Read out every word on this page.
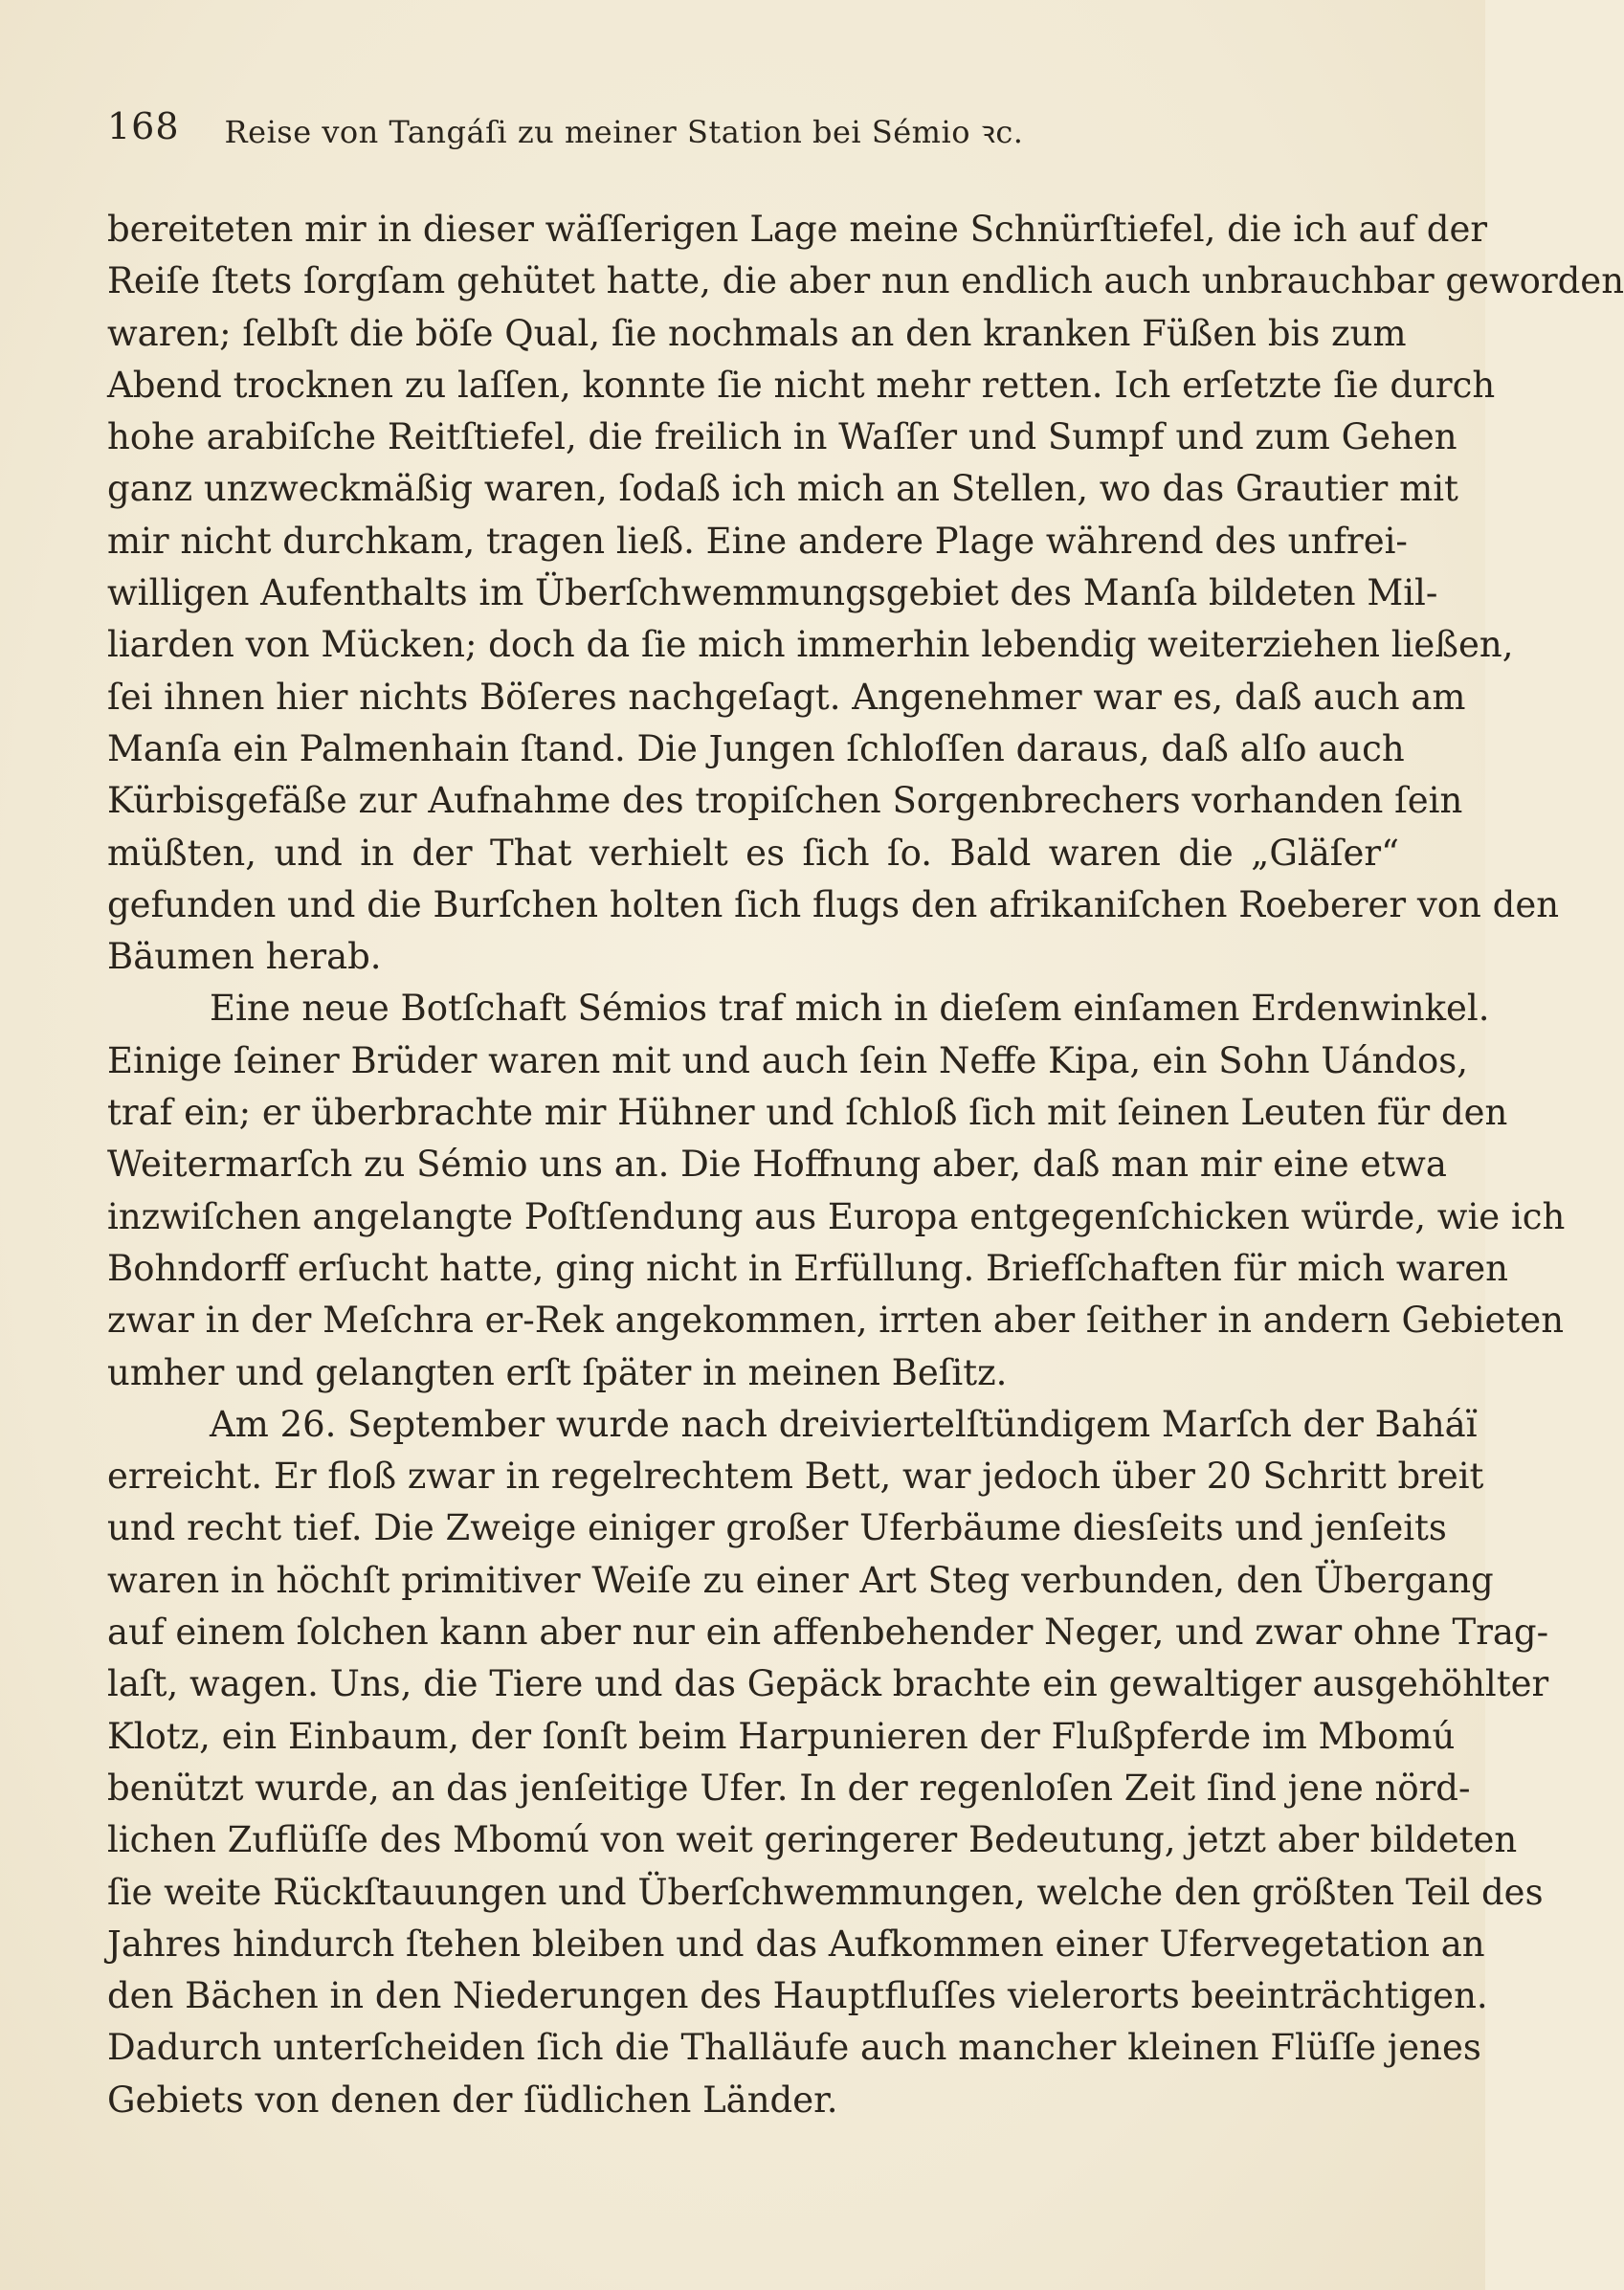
168	Reise von Tangáſi zu meiner Station bei Sémio ꝛc.
bereiteten mir in dieser wäſſerigen Lage meine Schnürſtiefel, die ich auf der
Reiſe ſtets ſorgſam gehütet hatte, die aber nun endlich auch unbrauchbar geworden
waren; ſelbſt die böſe Qual, ſie nochmals an den kranken Füßen bis zum
Abend trocknen zu laſſen, konnte ſie nicht mehr retten. Ich erſetzte ſie durch
hohe arabiſche Reitſtiefel, die freilich in Waſſer und Sumpf und zum Gehen
ganz unzweckmäßig waren, ſodaß ich mich an Stellen, wo das Grautier mit
mir nicht durchkam, tragen ließ. Eine andere Plage während des unfrei-
willigen Aufenthalts im Überſchwemmungsgebiet des Manſa bildeten Mil-
liarden von Mücken; doch da ſie mich immerhin lebendig weiterziehen ließen,
ſei ihnen hier nichts Böſeres nachgeſagt. Angenehmer war es, daß auch am
Manſa ein Palmenhain ſtand. Die Jungen ſchloſſen daraus, daß alſo auch
Kürbisgefäße zur Aufnahme des tropiſchen Sorgenbrechers vorhanden ſein
müßten, und in der That verhielt es ſich ſo. Bald waren die „Gläſer“
gefunden und die Burſchen holten ſich flugs den afrikaniſchen Roeberer von den
Bäumen herab.
Eine neue Botſchaft Sémios traf mich in dieſem einſamen Erdenwinkel.
Einige ſeiner Brüder waren mit und auch ſein Neffe Kipa, ein Sohn Uándos,
traf ein; er überbrachte mir Hühner und ſchloß ſich mit ſeinen Leuten für den
Weitermarſch zu Sémio uns an. Die Hoffnung aber, daß man mir eine etwa
inzwiſchen angelangte Poſtſendung aus Europa entgegenſchicken würde, wie ich
Bohndorff erſucht hatte, ging nicht in Erfüllung. Briefſchaften für mich waren
zwar in der Meſchra er-Rek angekommen, irrten aber ſeither in andern Gebieten
umher und gelangten erſt ſpäter in meinen Beſitz.
Am 26. September wurde nach dreiviertelſtündigem Marſch der Baháï
erreicht. Er floß zwar in regelrechtem Bett, war jedoch über 20 Schritt breit
und recht tief. Die Zweige einiger großer Uferbäume diesſeits und jenſeits
waren in höchſt primitiver Weiſe zu einer Art Steg verbunden, den Übergang
auf einem ſolchen kann aber nur ein affenbehender Neger, und zwar ohne Trag-
laſt, wagen. Uns, die Tiere und das Gepäck brachte ein gewaltiger ausgehöhlter
Klotz, ein Einbaum, der ſonſt beim Harpunieren der Flußpferde im Mbomú
benützt wurde, an das jenſeitige Ufer. In der regenloſen Zeit ſind jene nörd-
lichen Zuflüſſe des Mbomú von weit geringerer Bedeutung, jetzt aber bildeten
ſie weite Rückſtauungen und Überſchwemmungen, welche den größten Teil des
Jahres hindurch ſtehen bleiben und das Aufkommen einer Ufervegetation an
den Bächen in den Niederungen des Hauptfluſſes vielerorts beeinträchtigen.
Dadurch unterſcheiden ſich die Thalläufe auch mancher kleinen Flüſſe jenes
Gebiets von denen der ſüdlichen Länder.
